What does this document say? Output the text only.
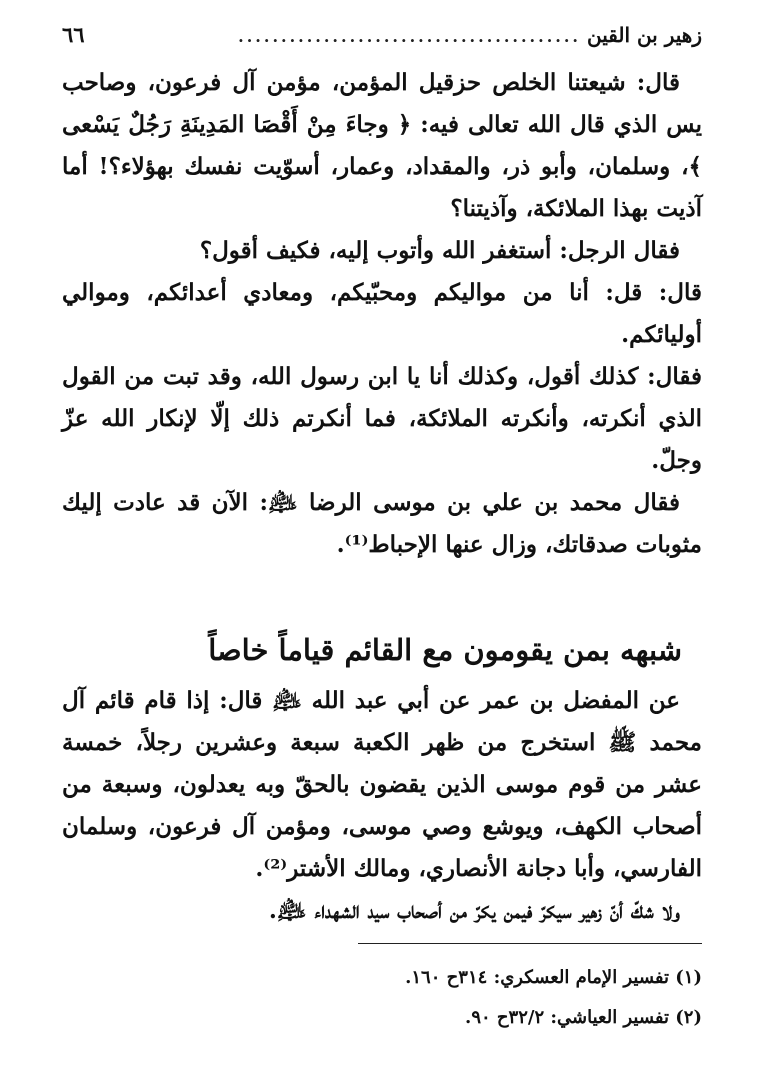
زهير بن القين
........................................
٦٦

قال: شيعتنا الخلص حزقيل المؤمن، مؤمن آل فرعون، وصاحب يس الذي قال الله تعالى فيه: ﴿ وجاءَ مِنْ أَقْصَا المَدِينَةِ رَجُلٌ يَسْعى ﴾، وسلمان، وأبو ذر، والمقداد، وعمار، أسوّيت نفسك بهؤلاء؟! أما آذيت بهذا الملائكة، وآذيتنا؟

فقال الرجل: أستغفر الله وأتوب إليه، فكيف أقول؟

قال: قل: أنا من مواليكم ومحبّيكم، ومعادي أعدائكم، وموالي أوليائكم.

فقال: كذلك أقول، وكذلك أنا يا ابن رسول الله، وقد تبت من القول الذي أنكرته، وأنكرته الملائكة، فما أنكرتم ذلك إلّا لإنكار الله عزّ وجلّ.

فقال محمد بن علي بن موسى الرضا ﵇: الآن قد عادت إليك مثوبات صدقاتك، وزال عنها الإحباط⁽¹⁾.

شبهه بمن يقومون مع القائم قياماً خاصاً

عن المفضل بن عمر عن أبي عبد الله ﵇ قال: إذا قام قائم آل محمد ﷺ استخرج من ظهر الكعبة سبعة وعشرين رجلاً، خمسة عشر من قوم موسى الذين يقضون بالحقّ وبه يعدلون، وسبعة من أصحاب الكهف، ويوشع وصي موسى، ومؤمن آل فرعون، وسلمان الفارسي، وأبا دجانة الأنصاري، ومالك الأشتر⁽²⁾.

ولا شكّ أنّ زهير سيكرّ فيمن يكرّ من أصحاب سيد الشهداء ﵇.

(١) تفسير الإمام العسكري: ٣١٤ح ١٦٠.

(٢) تفسير العياشي: ٣٢/٢ح ٩٠.
